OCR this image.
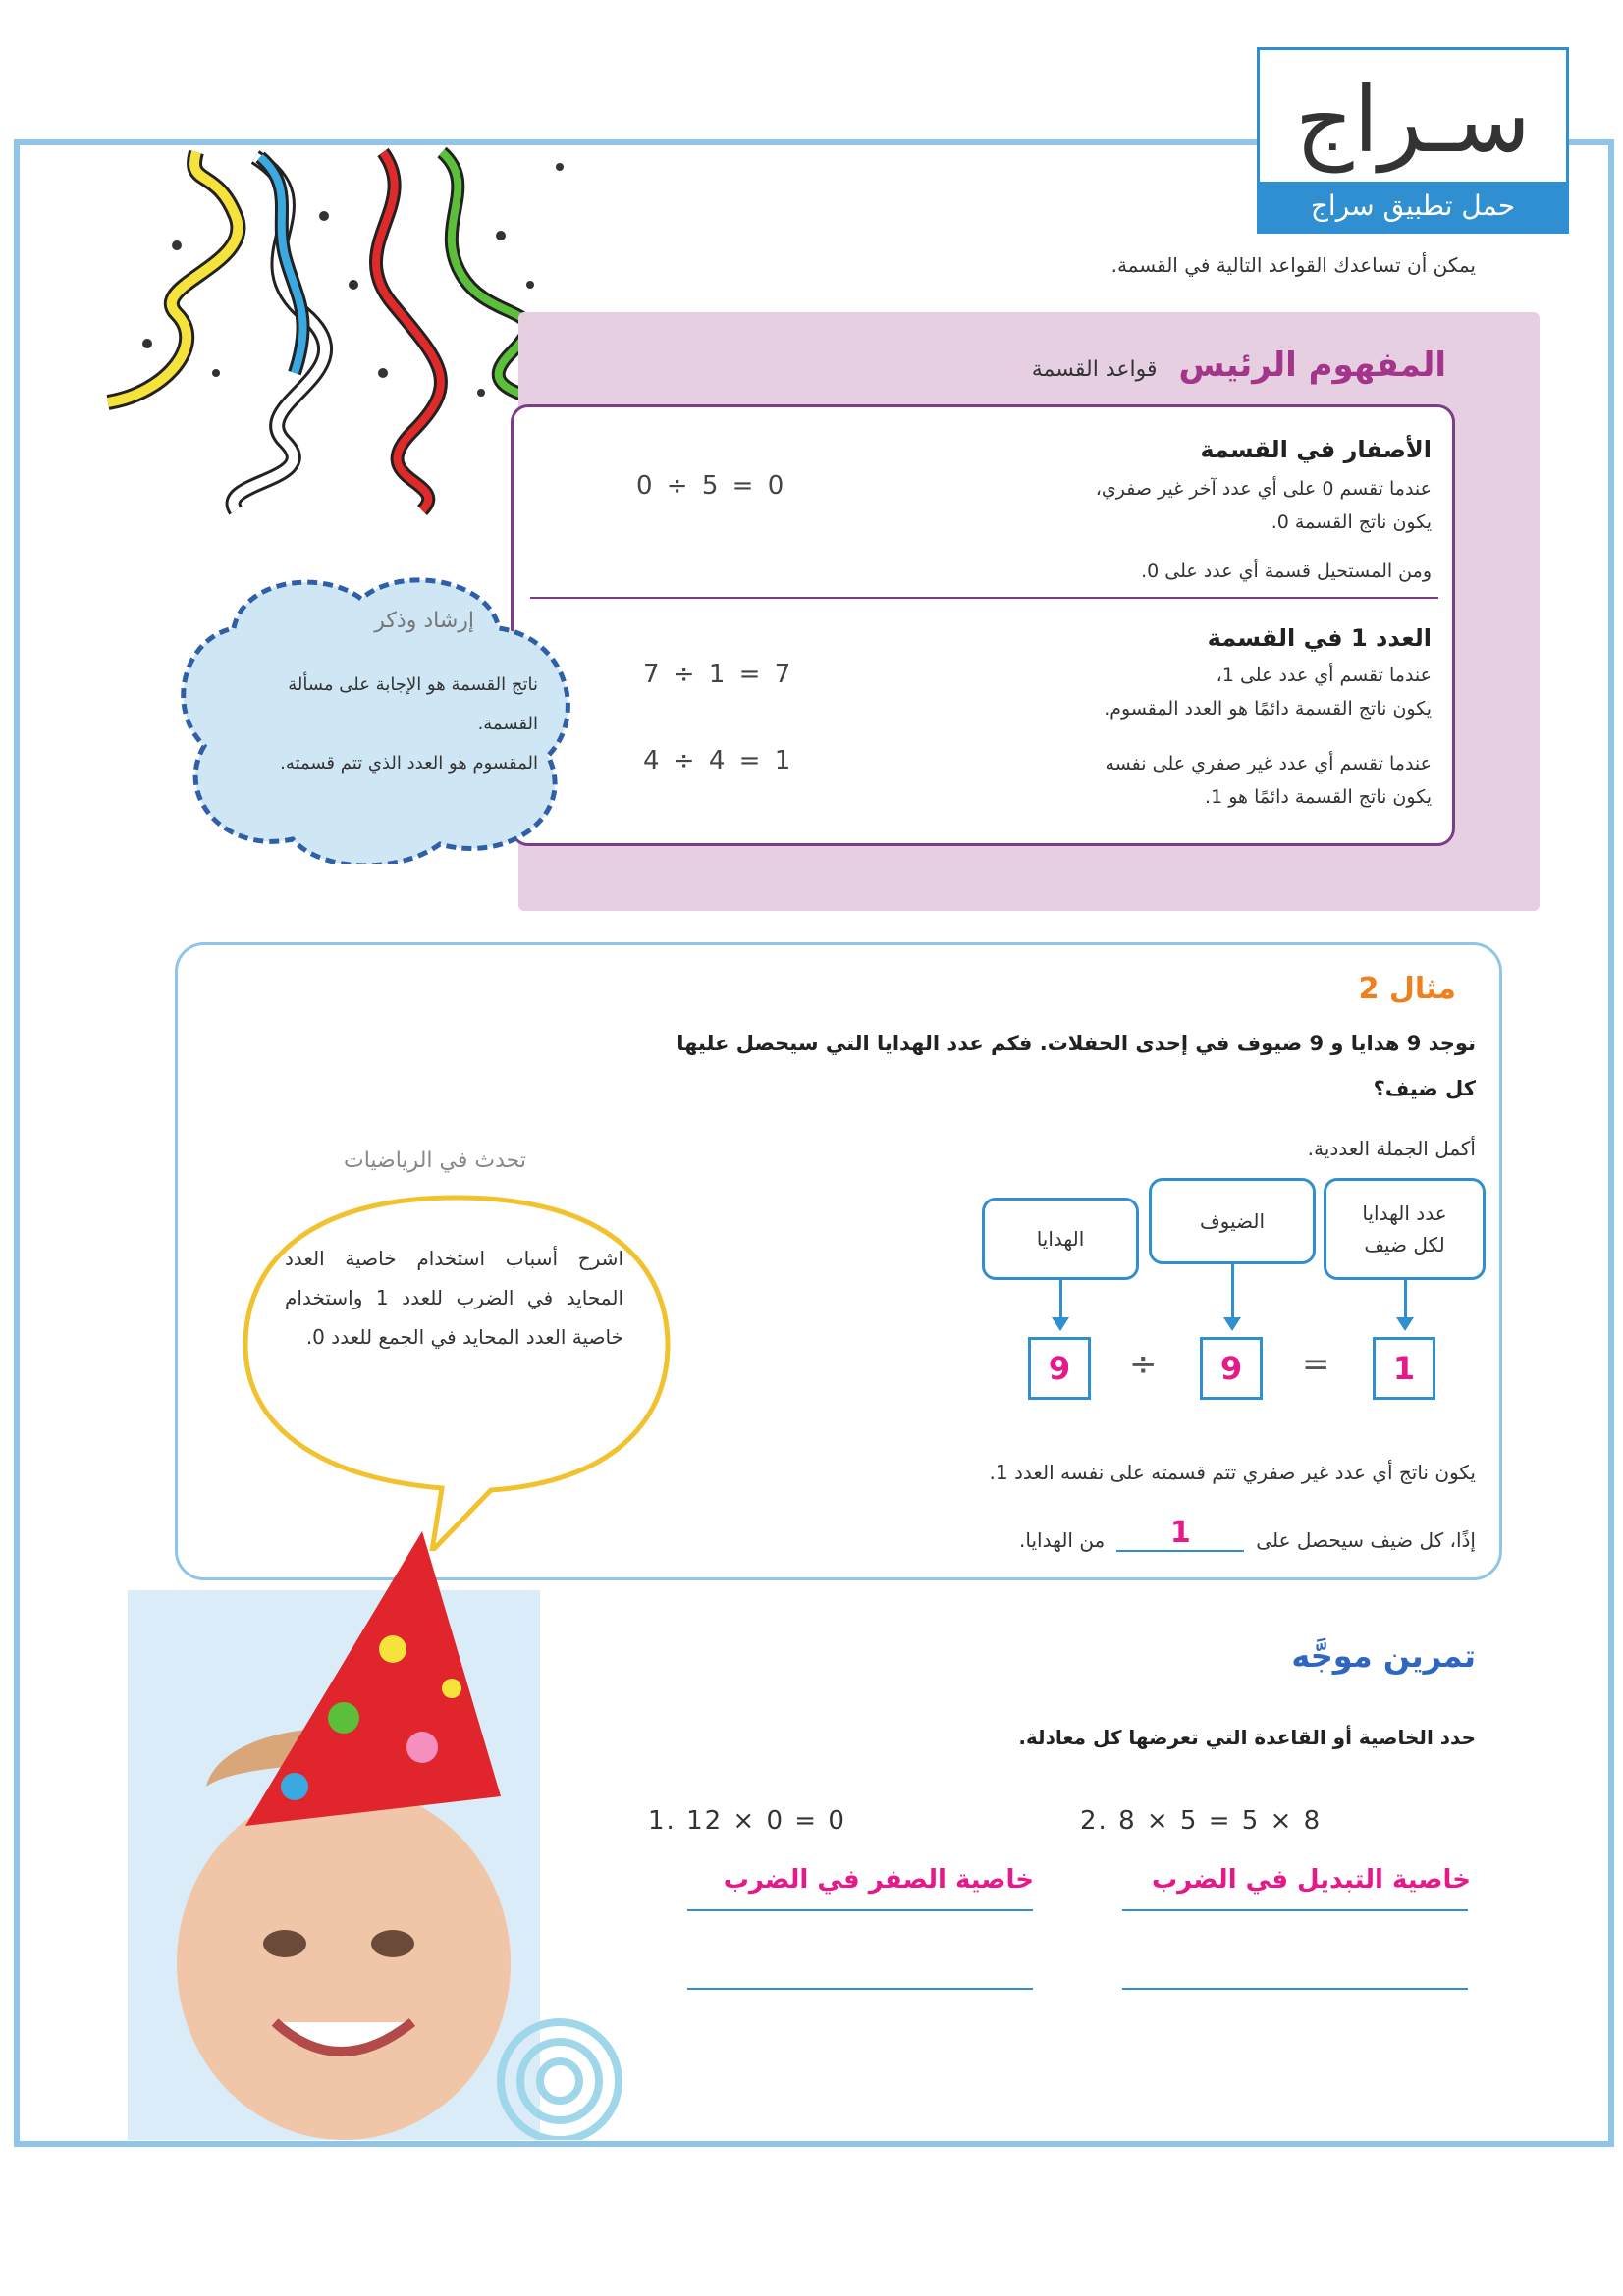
سـراج
حمل تطبيق سراج
يمكن أن تساعدك القواعد التالية في القسمة.
المفهوم الرئيس
قواعد القسمة
الأصفار في القسمة
عندما تقسم 0 على أي عدد آخر غير صفري،
يكون ناتج القسمة 0.
ومن المستحيل قسمة أي عدد على 0.
0 ÷ 5 = 0
العدد 1 في القسمة
عندما تقسم أي عدد على 1،
يكون ناتج القسمة دائمًا هو العدد المقسوم.
عندما تقسم أي عدد غير صفري على نفسه
يكون ناتج القسمة دائمًا هو 1.
7 ÷ 1 = 7
4 ÷ 4 = 1
إرشاد وذكر
ناتج القسمة هو الإجابة على مسألة
القسمة.
المقسوم هو العدد الذي تتم قسمته.
مثال 2
توجد 9 هدايا و 9 ضيوف في إحدى الحفلات. فكم عدد الهدايا التي سيحصل عليها
كل ضيف؟
أكمل الجملة العددية.
الهدايا
الضيوف	عدد الهدايا
لكل ضيف
9	÷	9	=	1
يكون ناتج أي عدد غير صفري تتم قسمته على نفسه العدد 1.
إذًا، كل ضيف سيحصل على
1
من الهدايا.
تحدث في الرياضيات
اشرح أسباب استخدام خاصية العدد المحايد في الضرب للعدد 1 واستخدام خاصية العدد المحايد في الجمع للعدد 0.
تمرين موجَّه
حدد الخاصية أو القاعدة التي تعرضها كل معادلة.
1. 12 × 0 = 0
خاصية الصفر في الضرب
2. 8 × 5 = 5 × 8
خاصية التبديل في الضرب
